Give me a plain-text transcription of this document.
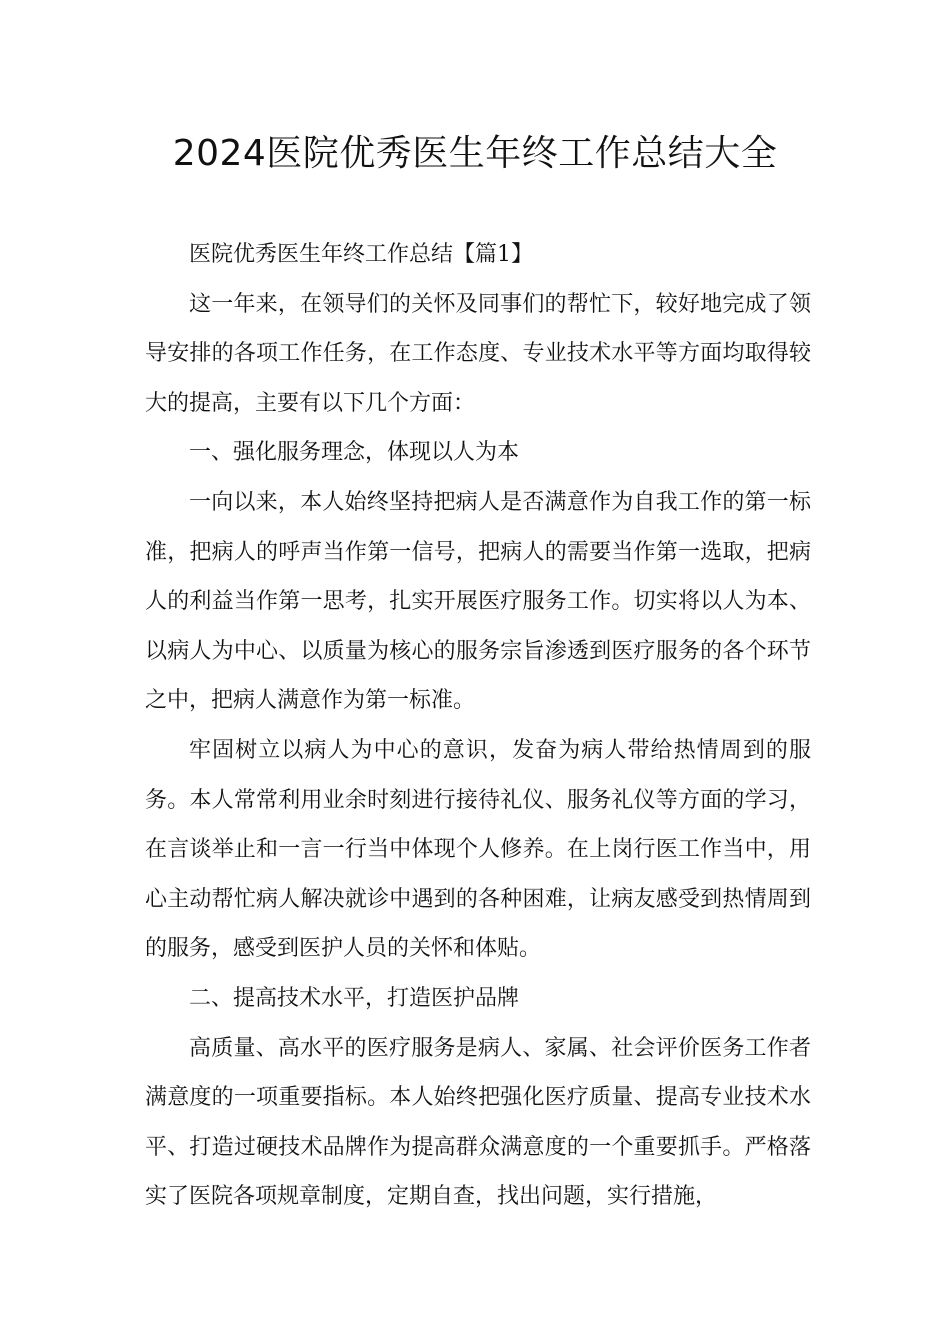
2024医院优秀医生年终工作总结大全

医院优秀医生年终工作总结【篇1】

这一年来，在领导们的关怀及同事们的帮忙下，较好地完成了领导安排的各项工作任务，在工作态度、专业技术水平等方面均取得较大的提高，主要有以下几个方面：

一、强化服务理念，体现以人为本

一向以来，本人始终坚持把病人是否满意作为自我工作的第一标准，把病人的呼声当作第一信号，把病人的需要当作第一选取，把病人的利益当作第一思考，扎实开展医疗服务工作。切实将以人为本、以病人为中心、以质量为核心的服务宗旨渗透到医疗服务的各个环节之中，把病人满意作为第一标准。

牢固树立以病人为中心的意识，发奋为病人带给热情周到的服务。本人常常利用业余时刻进行接待礼仪、服务礼仪等方面的学习，在言谈举止和一言一行当中体现个人修养。在上岗行医工作当中，用心主动帮忙病人解决就诊中遇到的各种困难，让病友感受到热情周到的服务，感受到医护人员的关怀和体贴。

二、提高技术水平，打造医护品牌

高质量、高水平的医疗服务是病人、家属、社会评价医务工作者满意度的一项重要指标。本人始终把强化医疗质量、提高专业技术水平、打造过硬技术品牌作为提高群众满意度的一个重要抓手。严格落实了医院各项规章制度，定期自查，找出问题，实行措施，
